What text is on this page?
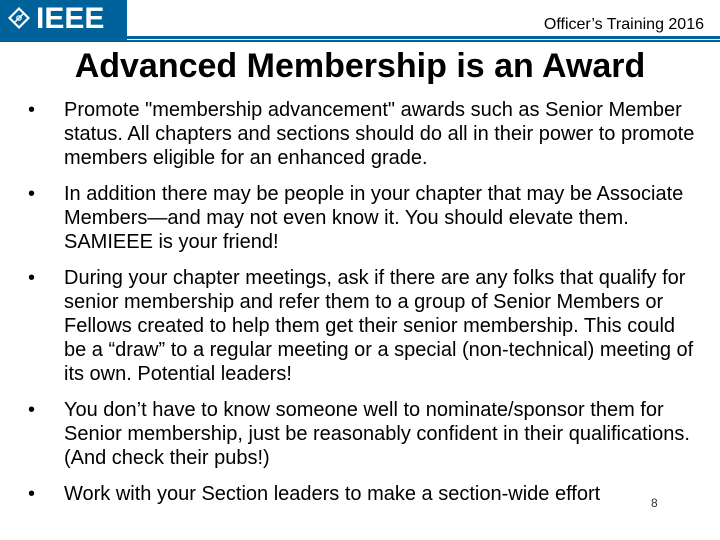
IEEE	Officer’s Training 2016
Advanced Membership is an Award
• Promote "membership advancement" awards such as Senior Member status. All chapters and sections should do all in their power to promote members eligible for an enhanced grade.
• In addition there may be people in your chapter that may be Associate Members—and may not even know it. You should elevate them. SAMIEEE is your friend!
• During your chapter meetings, ask if there are any folks that qualify for senior membership and refer them to a group of Senior Members or Fellows created to help them get their senior membership. This could be a “draw” to a regular meeting or a special (non-technical) meeting of its own. Potential leaders!
• You don’t have to know someone well to nominate/sponsor them for Senior membership, just be reasonably confident in their qualifications. (And check their pubs!)
• Work with your Section leaders to make a section-wide effort	8
